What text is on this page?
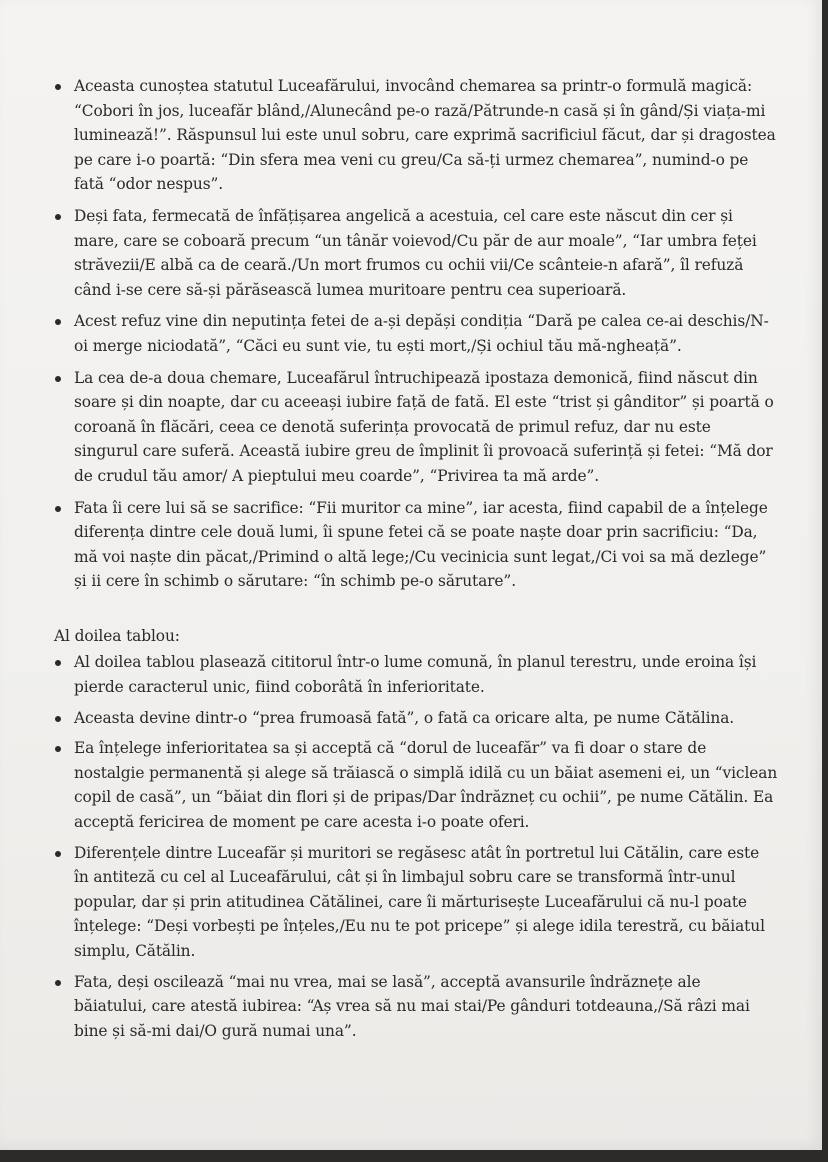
Aceasta cunoștea statutul Luceafărului, invocând chemarea sa printr-o formulă magică: “Cobori în jos, luceafăr blând,/Alunecând pe-o rază/Pătrunde-n casă și în gând/Și viața-mi luminează!”. Răspunsul lui este unul sobru, care exprimă sacrificiul făcut, dar și dragostea pe care i-o poartă: “Din sfera mea veni cu greu/Ca să-ți urmez chemarea”, numind-o pe fată “odor nespus”.
Deși fata, fermecată de înfățișarea angelică a acestuia, cel care este născut din cer și mare, care se coboară precum “un tânăr voievod/Cu păr de aur moale”, “Iar umbra feței străvezii/E albă ca de ceară./Un mort frumos cu ochii vii/Ce scânteie-n afară”, îl refuză când i-se cere să-și părăsească lumea muritoare pentru cea superioară.
Acest refuz vine din neputința fetei de a-și depăși condiția “Dară pe calea ce-ai deschis/N-oi merge niciodată”, “Căci eu sunt vie, tu ești mort,/Și ochiul tău mă-ngheață”.
La cea de-a doua chemare, Luceafărul întruchipează ipostaza demonică, fiind născut din soare și din noapte, dar cu aceeași iubire față de fată. El este “trist și gânditor” și poartă o coroană în flăcări, ceea ce denotă suferința provocată de primul refuz, dar nu este singurul care suferă. Această iubire greu de împlinit îi provoacă suferință și fetei: “Mă dor de crudul tău amor/ A pieptului meu coarde”, “Privirea ta mă arde”.
Fata îi cere lui să se sacrifice: “Fii muritor ca mine”, iar acesta, fiind capabil de a înțelege diferența dintre cele două lumi, îi spune fetei că se poate naște doar prin sacrificiu: “Da, mă voi naște din păcat,/Primind o altă lege;/Cu vecinicia sunt legat,/Ci voi sa mă dezlege” și ii cere în schimb o sărutare: “în schimb pe-o sărutare”.
Al doilea tablou:
Al doilea tablou plasează cititorul într-o lume comună, în planul terestru, unde eroina își pierde caracterul unic, fiind coborâtă în inferioritate.
Aceasta devine dintr-o “prea frumoasă fată”, o fată ca oricare alta, pe nume Cătălina.
Ea înțelege inferioritatea sa și acceptă că “dorul de luceafăr” va fi doar o stare de nostalgie permanentă și alege să trăiască o simplă idilă cu un băiat asemeni ei, un “viclean copil de casă”, un “băiat din flori și de pripas/Dar îndrăzneț cu ochii”, pe nume Cătălin. Ea acceptă fericirea de moment pe care acesta i-o poate oferi.
Diferențele dintre Luceafăr și muritori se regăsesc atât în portretul lui Cătălin, care este în antiteză cu cel al Luceafărului, cât și în limbajul sobru care se transformă într-unul popular, dar și prin atitudinea Cătălinei, care îi mărturisește Luceafărului că nu-l poate înțelege: “Deși vorbești pe înțeles,/Eu nu te pot pricepe” și alege idila terestră, cu băiatul simplu, Cătălin.
Fata, deși oscilează “mai nu vrea, mai se lasă”, acceptă avansurile îndrăznețe ale băiatului, care atestă iubirea: “Aș vrea să nu mai stai/Pe gânduri totdeauna,/Să râzi mai bine și să-mi dai/O gură numai una”.
